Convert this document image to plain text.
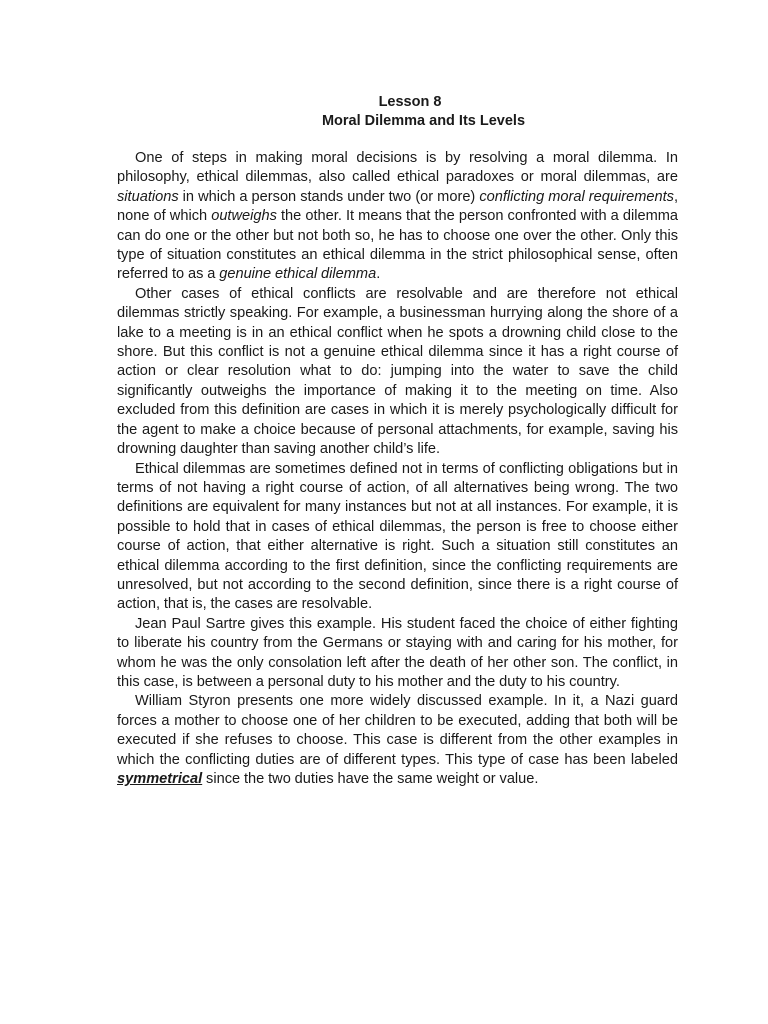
Lesson 8

Moral Dilemma and Its Levels

One of steps in making moral decisions is by resolving a moral dilemma. In philosophy, ethical dilemmas, also called ethical paradoxes or moral dilemmas, are situations in which a person stands under two (or more) conflicting moral requirements, none of which outweighs the other. It means that the person confronted with a dilemma can do one or the other but not both so, he has to choose one over the other. Only this type of situation constitutes an ethical dilemma in the strict philosophical sense, often referred to as a genuine ethical dilemma.

Other cases of ethical conflicts are resolvable and are therefore not ethical dilemmas strictly speaking. For example, a businessman hurrying along the shore of a lake to a meeting is in an ethical conflict when he spots a drowning child close to the shore. But this conflict is not a genuine ethical dilemma since it has a right course of action or clear resolution what to do: jumping into the water to save the child significantly outweighs the importance of making it to the meeting on time. Also excluded from this definition are cases in which it is merely psychologically difficult for the agent to make a choice because of personal attachments, for example, saving his drowning daughter than saving another child’s life.

Ethical dilemmas are sometimes defined not in terms of conflicting obligations but in terms of not having a right course of action, of all alternatives being wrong. The two definitions are equivalent for many instances but not at all instances. For example, it is possible to hold that in cases of ethical dilemmas, the person is free to choose either course of action, that either alternative is right. Such a situation still constitutes an ethical dilemma according to the first definition, since the conflicting requirements are unresolved, but not according to the second definition, since there is a right course of action, that is, the cases are resolvable.

Jean Paul Sartre gives this example. His student faced the choice of either fighting to liberate his country from the Germans or staying with and caring for his mother, for whom he was the only consolation left after the death of her other son. The conflict, in this case, is between a personal duty to his mother and the duty to his country.

William Styron presents one more widely discussed example. In it, a Nazi guard forces a mother to choose one of her children to be executed, adding that both will be executed if she refuses to choose. This case is different from the other examples in which the conflicting duties are of different types. This type of case has been labeled symmetrical since the two duties have the same weight or value.
